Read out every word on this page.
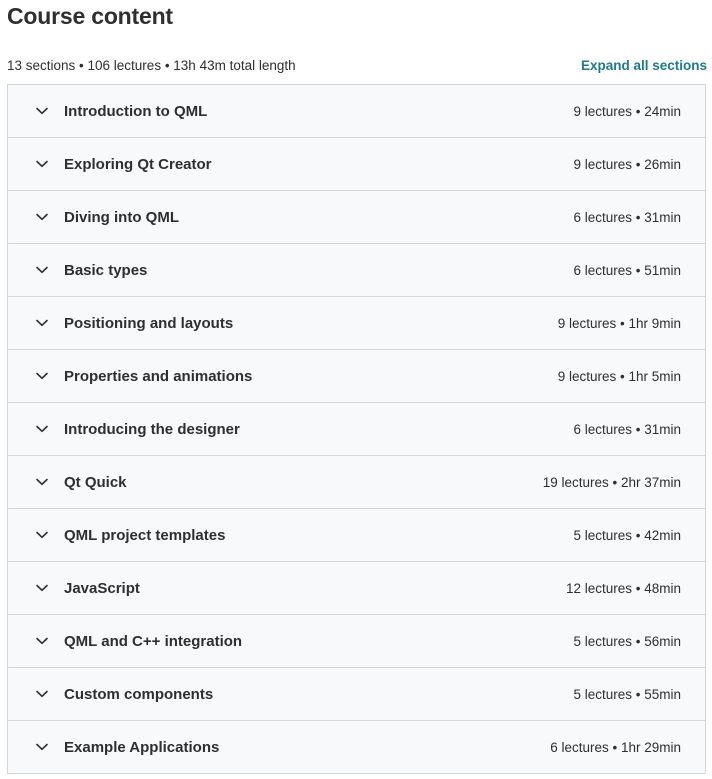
Course content
13 sections • 106 lectures • 13h 43m total length	Expand all sections
Introduction to QML	9 lectures • 24min
Exploring Qt Creator	9 lectures • 26min
Diving into QML	6 lectures • 31min
Basic types	6 lectures • 51min
Positioning and layouts	9 lectures • 1hr 9min
Properties and animations	9 lectures • 1hr 5min
Introducing the designer	6 lectures • 31min
Qt Quick	19 lectures • 2hr 37min
QML project templates	5 lectures • 42min
JavaScript	12 lectures • 48min
QML and C++ integration	5 lectures • 56min
Custom components	5 lectures • 55min
Example Applications	6 lectures • 1hr 29min
